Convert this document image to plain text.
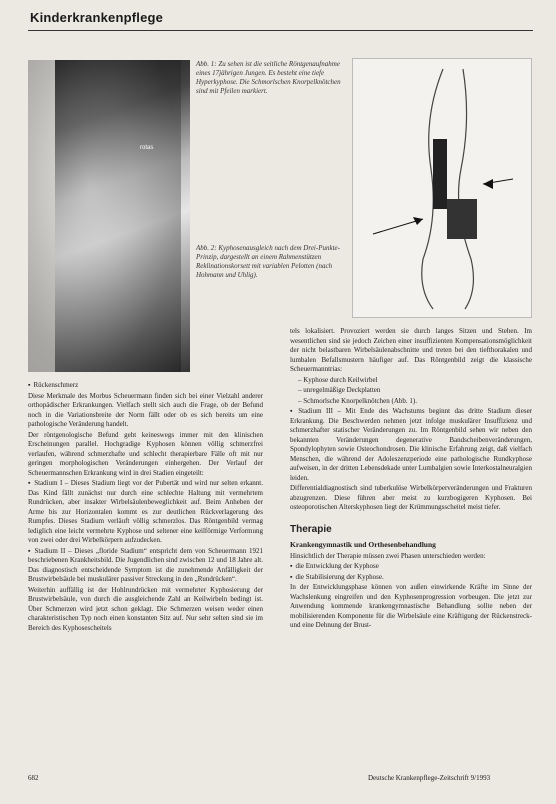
Kinderkrankenpflege
rotas
Abb. 1: Zu sehen ist die seitliche Röntgenaufnahme eines 17jährigen Jungen. Es besteht eine tiefe Hyperkyphose. Die Schmorlschen Knorpelknötchen sind mit Pfeilen markiert.
Abb. 2: Kyphosenausgleich nach dem Drei-Punkte-Prinzip, dargestellt an einem Rahmenstützen Reklinationskorsett mit variablen Pelotten (nach Hohmann und Uhlig).

▪ Rückenschmerz

Diese Merkmale des Morbus Scheuermann finden sich bei einer Vielzahl anderer orthopädischer Erkrankungen. Vielfach stellt sich auch die Frage, ob der Befund noch in die Variationsbreite der Norm fällt oder ob es sich bereits um eine pathologische Veränderung handelt.

Der röntgenologische Befund geht keineswegs immer mit den klinischen Erscheinungen parallel. Hochgradige Kyphosen können völlig schmerzfrei verlaufen, während schmerzhafte und schlecht therapierbare Fälle oft mit nur geringen morphologischen Veränderungen einhergehen. Der Verlauf der Scheuermannschen Erkrankung wird in drei Stadien eingeteilt:

▪ Stadium I – Dieses Stadium liegt vor der Pubertät und wird nur selten erkannt. Das Kind fällt zunächst nur durch eine schlechte Haltung mit vermehrtem Rundrücken, aber insakter Wirbelsäulenbeweglichkeit auf. Beim Anheben der Arme bis zur Horizontalen kommt es zur deutlichen Rückverlagerung des Rumpfes. Dieses Stadium verläuft völlig schmerzlos. Das Röntgenbild vermag lediglich eine leicht vermehrte Kyphose und seltener eine keilförmige Verformung von zwei oder drei Wirbelkörpern aufzudecken.

▪ Stadium II – Dieses „floride Stadium“ entspricht dem von Scheuermann 1921 beschriebenen Krankheitsbild. Die Jugendlichen sind zwischen 12 und 18 Jahre alt. Das diagnostisch entscheidende Symptom ist die zunehmende Anfälligkeit der Brustwirbelsäule bei muskulärer passiver Streckung in den „Rundrücken“.

Weiterhin auffällig ist der Hohlrundrücken mit vermehrter Kyphosierung der Brustwirbelsäule, von durch die ausgleichende Zahl an Keilwirbeln bedingt ist. Über Schmerzen wird jetzt schon geklagt. Die Schmerzen weisen weder einen charakteristischen Typ noch einen konstanten Sitz auf. Nur sehr selten sind sie im Bereich des Kyphosescheitels

tels lokalisiert. Provoziert werden sie durch langes Sitzen und Stehen. Im wesentlichen sind sie jedoch Zeichen einer insuffizienten Kompensationsmöglichkeit der nicht belastbaren Wirbelsäulenabschnitte und treten bei den tiefthorakalen und lumbalen Befallsmustern häufiger auf. Das Röntgenbild zeigt die klassische Scheuermanntrias:

– Kyphose durch Keilwirbel

– unregelmäßige Deckplatten

– Schmorlsche Knorpelknötchen (Abb. 1).

▪ Stadium III – Mit Ende des Wachstums beginnt das dritte Stadium dieser Erkrankung. Die Beschwerden nehmen jetzt infolge muskulärer Insuffizienz und schmerzhafter statischer Veränderungen zu. Im Röntgenbild sehen wir neben den bekannten Veränderungen degenerative Bandscheibenveränderungen, Spondylophyten sowie Osteochondrosen. Die klinische Erfahrung zeigt, daß vielfach Menschen, die während der Adoleszenzperiode eine pathologische Rundkyphose aufweisen, in der dritten Lebensdekade unter Lumbalgien sowie Interkostalneuralgien leiden.

Differentialdiagnostisch sind tuberkulöse Wirbelkörperveränderungen und Frakturen abzugrenzen. Diese führen aber meist zu kurzbogigeren Kyphosen. Bei osteoporotischen Alterskyphosen liegt der Krümmungsscheitel meist tiefer.

Therapie
Krankengymnastik und Orthesenbehandlung

Hinsichtlich der Therapie müssen zwei Phasen unterschieden werden:

▪ die Entwicklung der Kyphose

▪ die Stabilisierung der Kyphose.

In der Entwicklungsphase können von außen einwirkende Kräfte im Sinne der Wachslenkung eingreifen und den Kyphosenprogression vorbeugen. Die jetzt zur Anwendung kommende krankengymnastische Behandlung sollte neben der mobilisierenden Komponente für die Wirbelsäule eine Kräftigung der Rückenstreck- und eine Dehnung der Brust-

682	Deutsche Krankenpflege-Zeitschrift 9/1993
